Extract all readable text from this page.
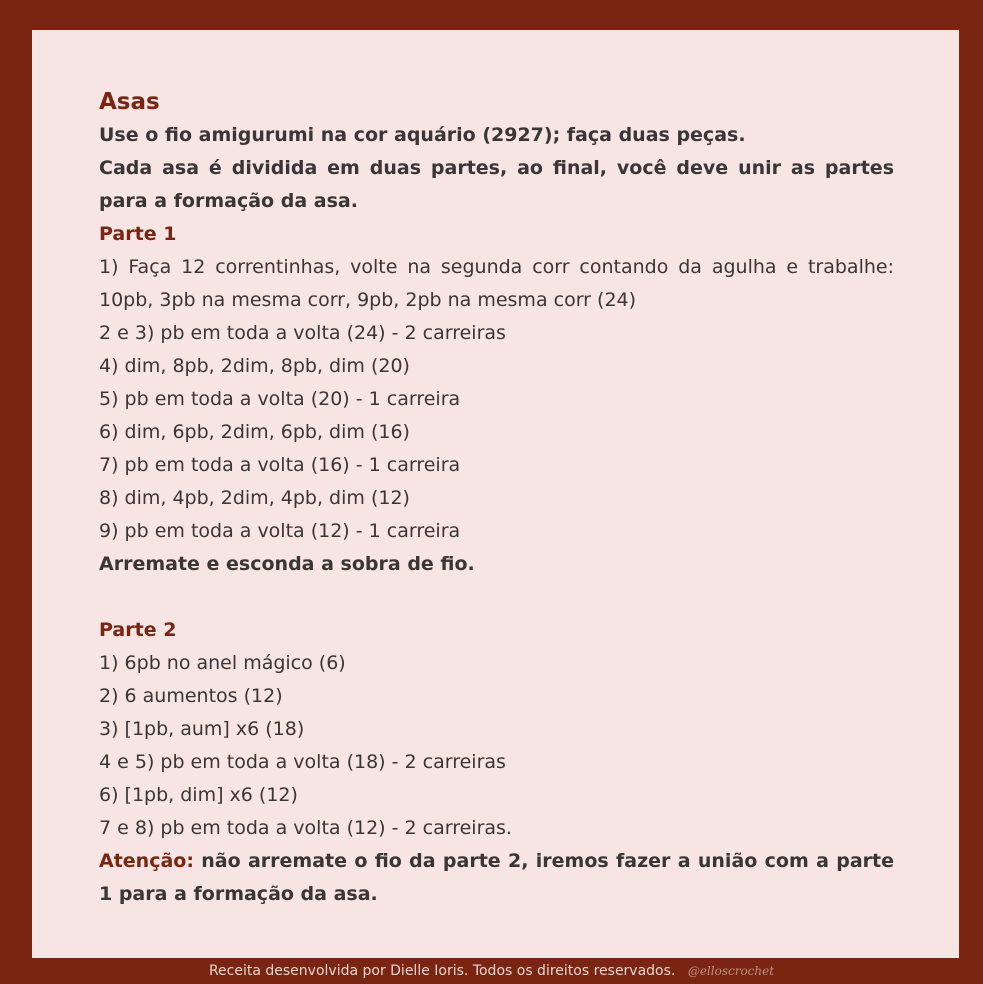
Asas
Use o fio amigurumi na cor aquário (2927); faça duas peças.
Cada asa é dividida em duas partes, ao final, você deve unir as partes para a formação da asa.
Parte 1
1) Faça 12 correntinhas, volte na segunda corr contando da agulha e trabalhe: 10pb, 3pb na mesma corr, 9pb, 2pb na mesma corr (24)
2 e 3) pb em toda a volta (24) - 2 carreiras
4) dim, 8pb, 2dim, 8pb, dim (20)
5) pb em toda a volta (20) - 1 carreira
6) dim, 6pb, 2dim, 6pb, dim (16)
7) pb em toda a volta (16) - 1 carreira
8) dim, 4pb, 2dim, 4pb, dim (12)
9) pb em toda a volta (12) - 1 carreira
Arremate e esconda a sobra de fio.
Parte 2
1) 6pb no anel mágico (6)
2) 6 aumentos (12)
3) [1pb, aum] x6 (18)
4 e 5) pb em toda a volta (18) - 2 carreiras
6) [1pb, dim] x6 (12)
7 e 8) pb em toda a volta (12) - 2 carreiras.
Atenção: não arremate o fio da parte 2, iremos fazer a união com a parte 1 para a formação da asa.
Receita desenvolvida por Dielle Ioris. Todos os direitos reservados. @elloscrochet
